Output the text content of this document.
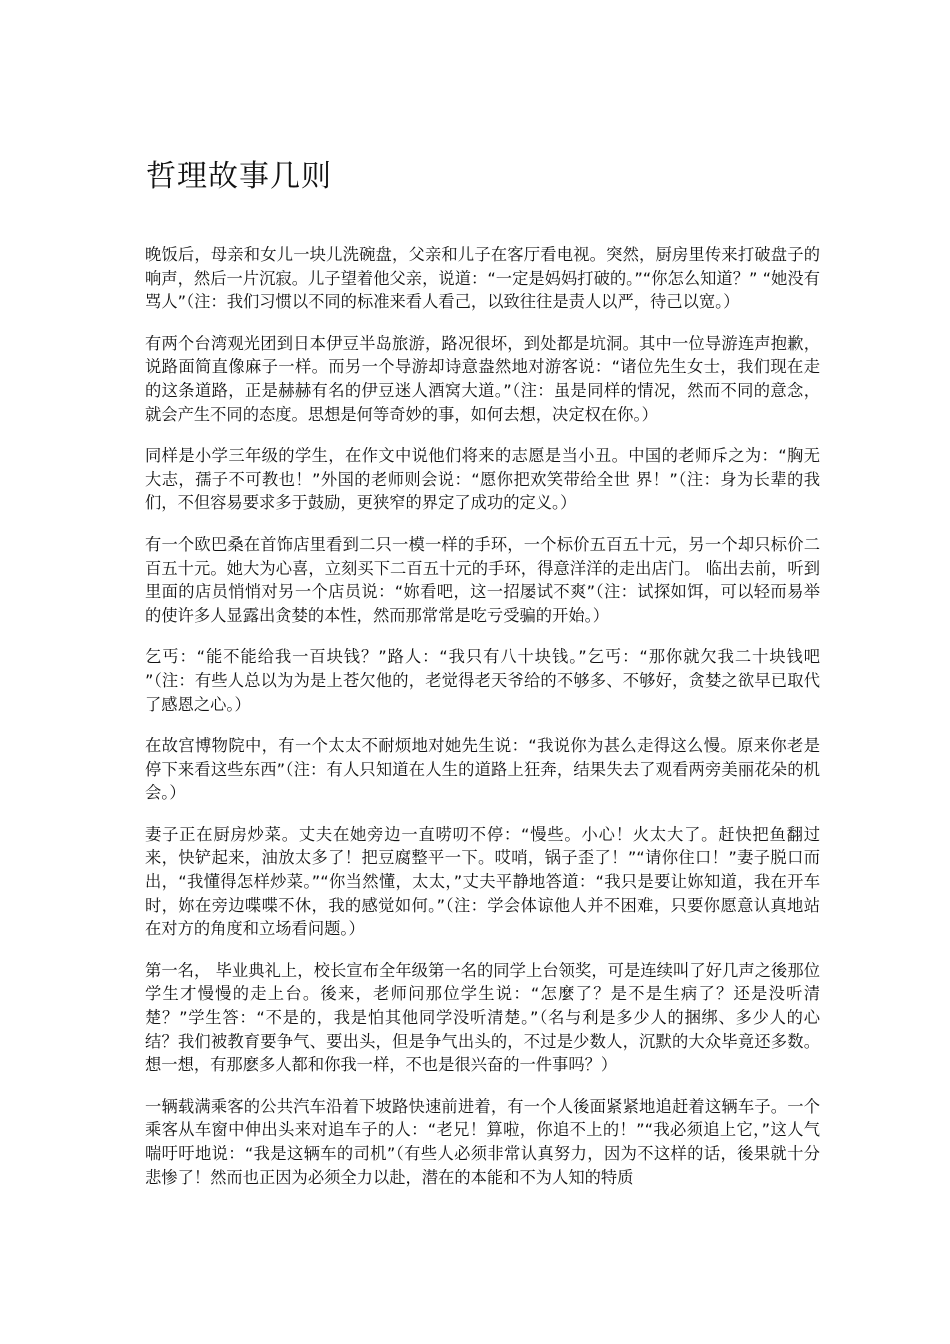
哲理故事几则

晚饭后，母亲和女儿一块儿洗碗盘，父亲和儿子在客厅看电视。突然，厨房里传来打破盘子的响声，然后一片沉寂。儿子望着他父亲，说道：“一定是妈妈打破的。”“你怎么知道？” “她没有骂人”（注：我们习惯以不同的标准来看人看己，以致往往是责人以严，待己以宽。）

有两个台湾观光团到日本伊豆半岛旅游，路况很坏，到处都是坑洞。其中一位导游连声抱歉，说路面简直像麻子一样。而另一个导游却诗意盎然地对游客说：“诸位先生女士，我们现在走的这条道路，正是赫赫有名的伊豆迷人酒窝大道。”（注：虽是同样的情况，然而不同的意念，就会产生不同的态度。思想是何等奇妙的事，如何去想，决定权在你。）

同样是小学三年级的学生，在作文中说他们将来的志愿是当小丑。中国的老师斥之为：“胸无大志，孺子不可教也！”外国的老师则会说：“愿你把欢笑带给全世 界！”（注：身为长辈的我们，不但容易要求多于鼓励，更狭窄的界定了成功的定义。）

有一个欧巴桑在首饰店里看到二只一模一样的手环，一个标价五百五十元，另一个却只标价二百五十元。她大为心喜，立刻买下二百五十元的手环，得意洋洋的走出店门。 临出去前，听到里面的店员悄悄对另一个店员说：“妳看吧，这一招屡试不爽”（注：试探如饵，可以轻而易举的使许多人显露出贪婪的本性，然而那常常是吃亏受骗的开始。）

乞丐：“能不能给我一百块钱？”路人：“我只有八十块钱。”乞丐：“那你就欠我二十块钱吧 ”（注：有些人总以为为是上苍欠他的，老觉得老天爷给的不够多、不够好，贪婪之欲早已取代了感恩之心。）

在故宫博物院中，有一个太太不耐烦地对她先生说：“我说你为甚么走得这么慢。原来你老是停下来看这些东西”（注：有人只知道在人生的道路上狂奔，结果失去了观看两旁美丽花朵的机会。）

妻子正在厨房炒菜。丈夫在她旁边一直唠叨不停：“慢些。小心！火太大了。赶快把鱼翻过来，快铲起来，油放太多了！把豆腐整平一下。哎哨，锅子歪了！”“请你住口！”妻子脱口而出，“我懂得怎样炒菜。”“你当然懂，太太，”丈夫平静地答道：“我只是要让妳知道，我在开车时，妳在旁边喋喋不休，我的感觉如何。”（注：学会体谅他人并不困难，只要你愿意认真地站在对方的角度和立场看问题。）

第一名， 毕业典礼上，校长宣布全年级第一名的同学上台领奖，可是连续叫了好几声之後那位学生才慢慢的走上台。後来，老师问那位学生说：“怎麼了？是不是生病了？还是没听清楚？”学生答：“不是的，我是怕其他同学没听清楚。”（名与利是多少人的捆绑、多少人的心结？我们被教育要争气、要出头，但是争气出头的，不过是少数人，沉默的大众毕竟还多数。想一想，有那麽多人都和你我一样，不也是很兴奋的一件事吗？）

一辆载满乘客的公共汽车沿着下坡路快速前进着，有一个人後面紧紧地追赶着这辆车子。一个乘客从车窗中伸出头来对追车子的人：“老兄！算啦，你追不上的！”“我必须追上它，”这人气喘吁吁地说：“我是这辆车的司机”（有些人必须非常认真努力，因为不这样的话，後果就十分悲惨了！然而也正因为必须全力以赴，潜在的本能和不为人知的特质
